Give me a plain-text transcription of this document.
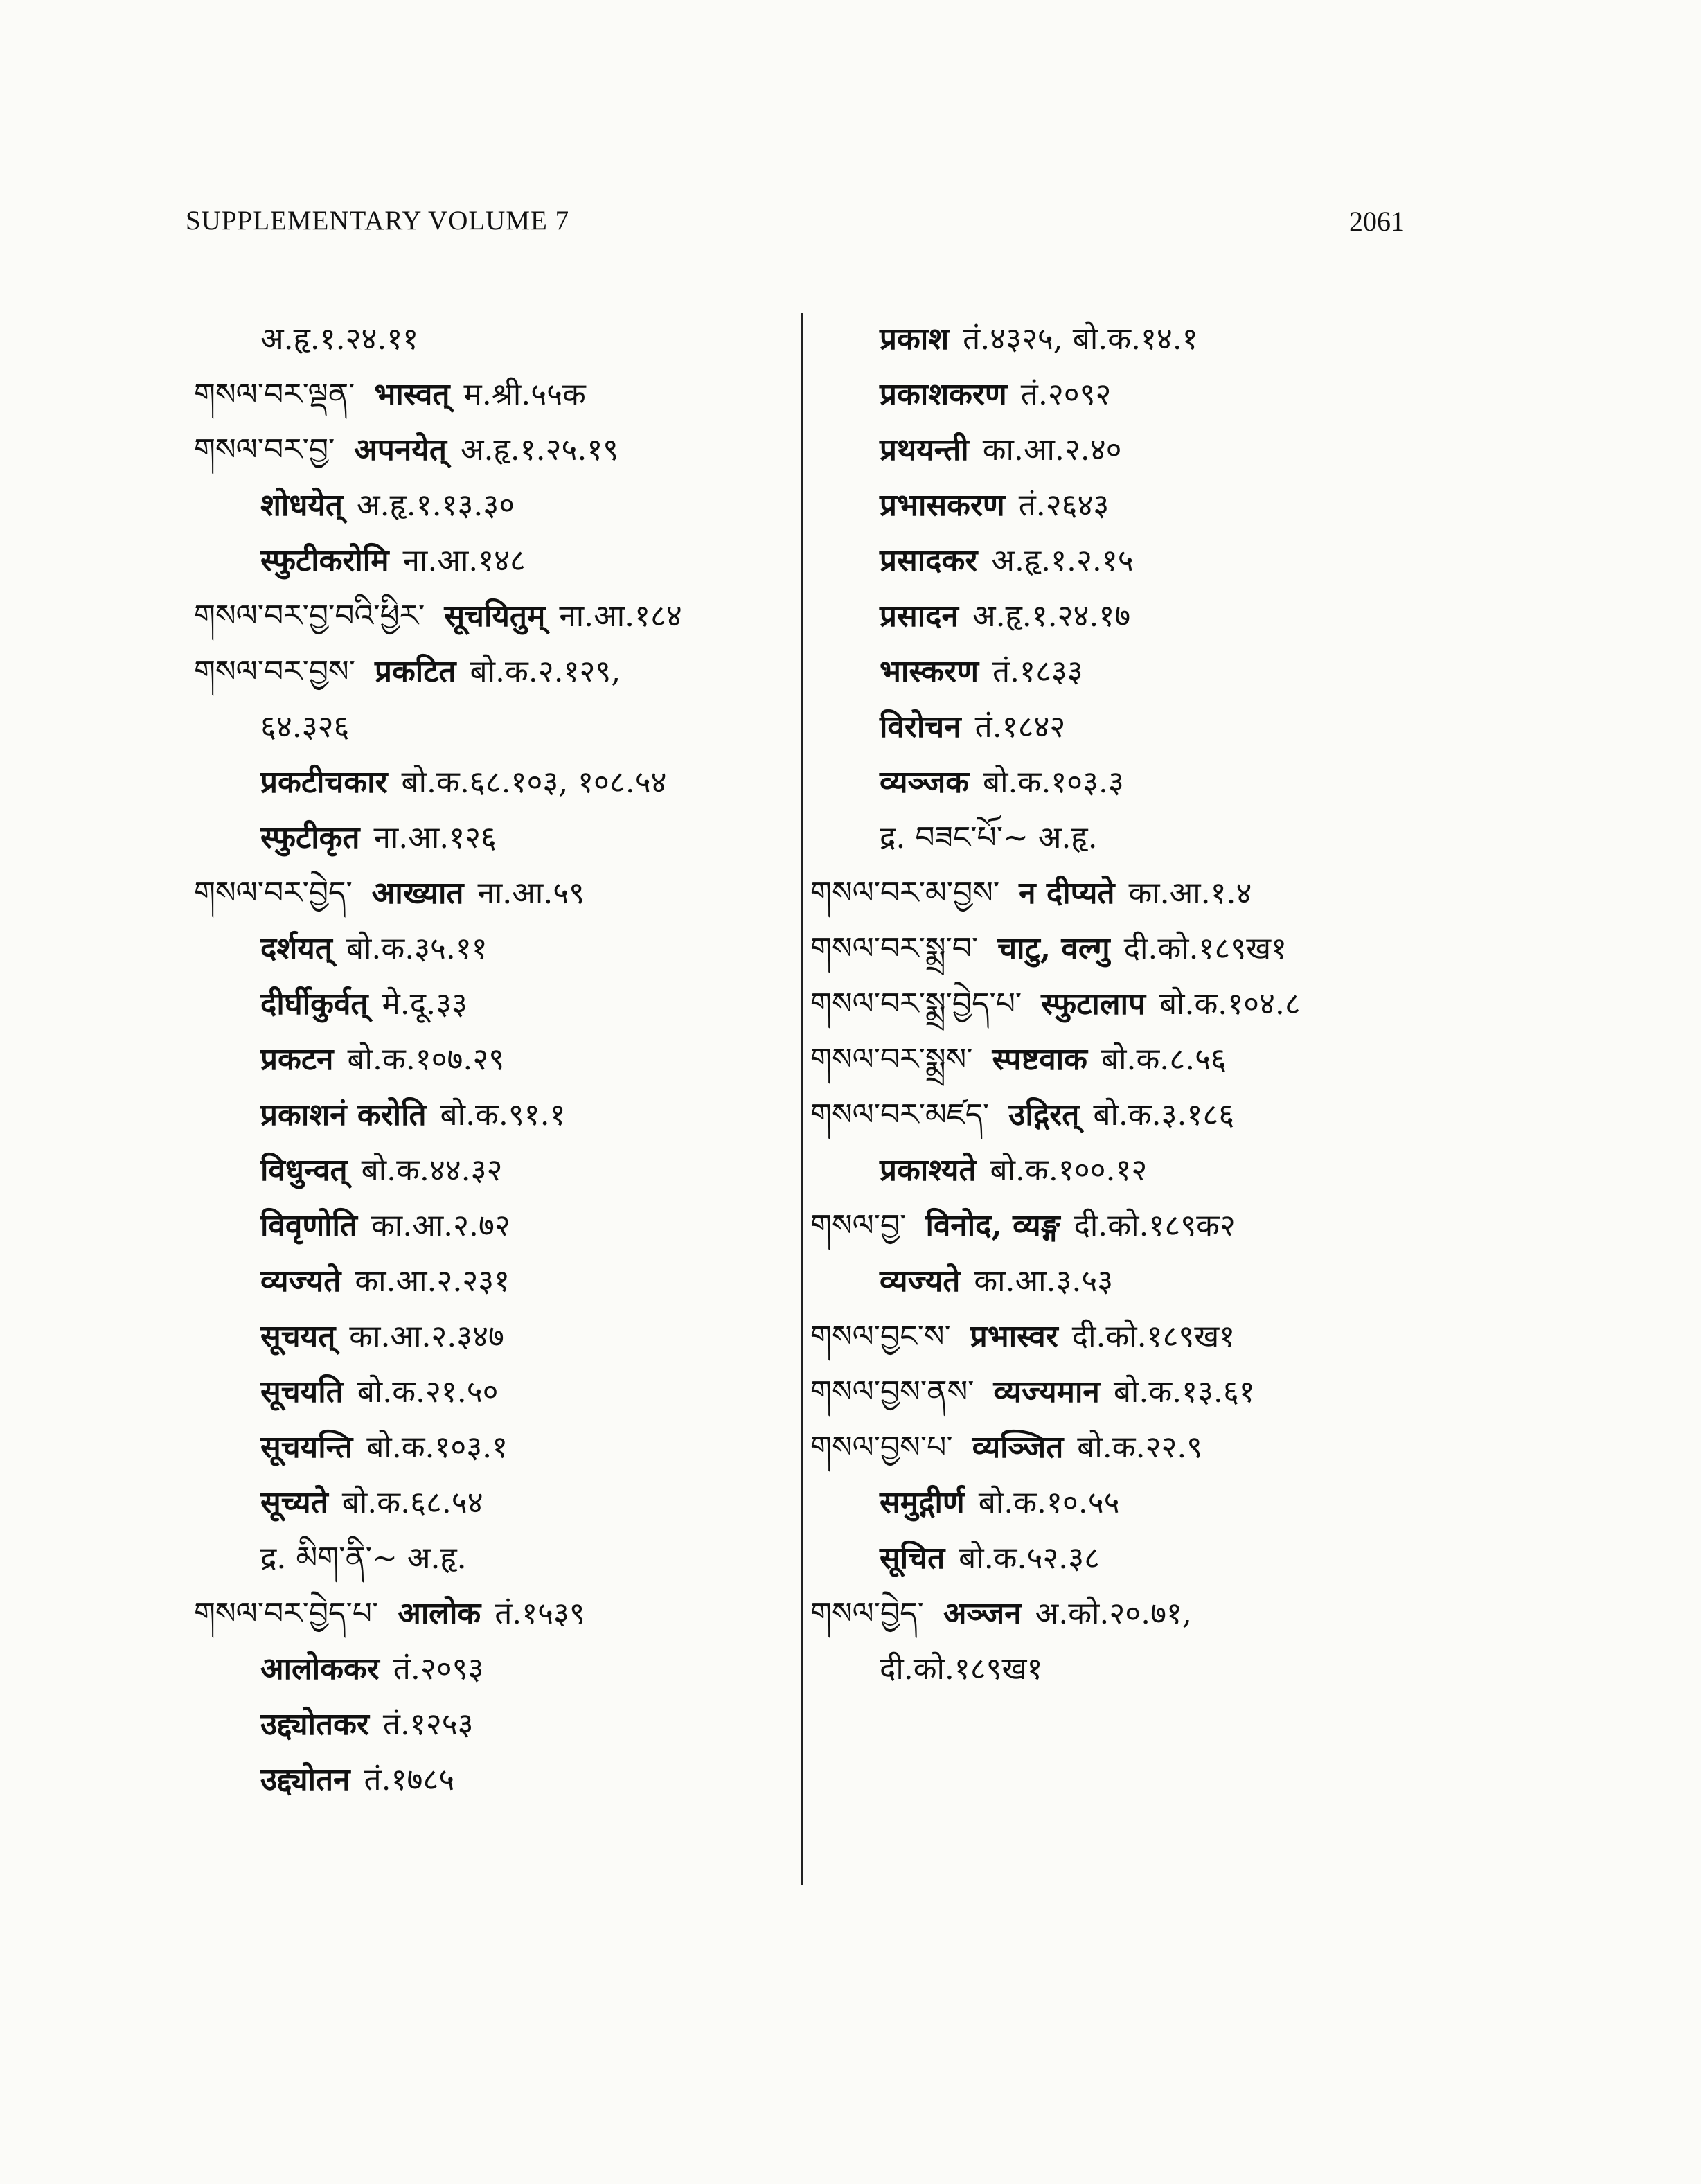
SUPPLEMENTARY VOLUME 7	2061
अ.हृ.१.२४.११
གསལ་བར་ལྡན་ भास्वत् म.श्री.५५क
གསལ་བར་བྱ་ अपनयेत् अ.हृ.१.२५.१९
शोधयेत् अ.हृ.१.१३.३०
स्फुटीकरोमि ना.आ.१४८
གསལ་བར་བྱ་བའི་ཕྱིར་ सूचयितुम् ना.आ.१८४
གསལ་བར་བྱས་ प्रकटित बो.क.२.१२९,
६४.३२६
प्रकटीचकार बो.क.६८.१०३, १०८.५४
स्फुटीकृत ना.आ.१२६
གསལ་བར་བྱེད་ आख्यात ना.आ.५९
दर्शयत् बो.क.३५.११
दीर्घीकुर्वत् मे.दू.३३
प्रकटन बो.क.१०७.२९
प्रकाशनं करोति बो.क.९१.१
विधुन्वत् बो.क.४४.३२
विवृणोति का.आ.२.७२
व्यज्यते का.आ.२.२३१
सूचयत् का.आ.२.३४७
सूचयति बो.क.२१.५०
सूचयन्ति बो.क.१०३.१
सूच्यते बो.क.६८.५४
द्र. མིག་ནི་~ अ.हृ.
གསལ་བར་བྱེད་པ་ आलोक तं.१५३९
आलोककर तं.२०९३
उद्द्योतकर तं.१२५३
उद्द्योतन तं.१७८५
प्रकाश तं.४३२५, बो.क.१४.१
प्रकाशकरण तं.२०९२
प्रथयन्ती का.आ.२.४०
प्रभासकरण तं.२६४३
प्रसादकर अ.हृ.१.२.१५
प्रसादन अ.हृ.१.२४.१७
भास्करण तं.१८३३
विरोचन तं.१८४२
व्यञ्जक बो.क.१०३.३
द्र. བཟང་པོ་~ अ.हृ.
གསལ་བར་མ་བྱས་ न दीप्यते का.आ.१.४
གསལ་བར་སྨྲ་བ་ चाटु, वल्गु दी.को.१८९ख१
གསལ་བར་སྨྲ་བྱེད་པ་ स्फुटालाप बो.क.१०४.८
གསལ་བར་སྨྲས་ स्पष्टवाक बो.क.८.५६
གསལ་བར་མཛད་ उद्गिरत् बो.क.३.१८६
प्रकाश्यते बो.क.१००.१२
གསལ་བྱ་ विनोद, व्यङ्ग दी.को.१८९क२
व्यज्यते का.आ.३.५३
གསལ་བྱང་ས་ प्रभास्वर दी.को.१८९ख१
གསལ་བྱས་ནས་ व्यज्यमान बो.क.१३.६१
གསལ་བྱས་པ་ व्यञ्जित बो.क.२२.९
समुद्गीर्ण बो.क.१०.५५
सूचित बो.क.५२.३८
གསལ་བྱེད་ अञ्जन अ.को.२०.७१,
दी.को.१८९ख१
